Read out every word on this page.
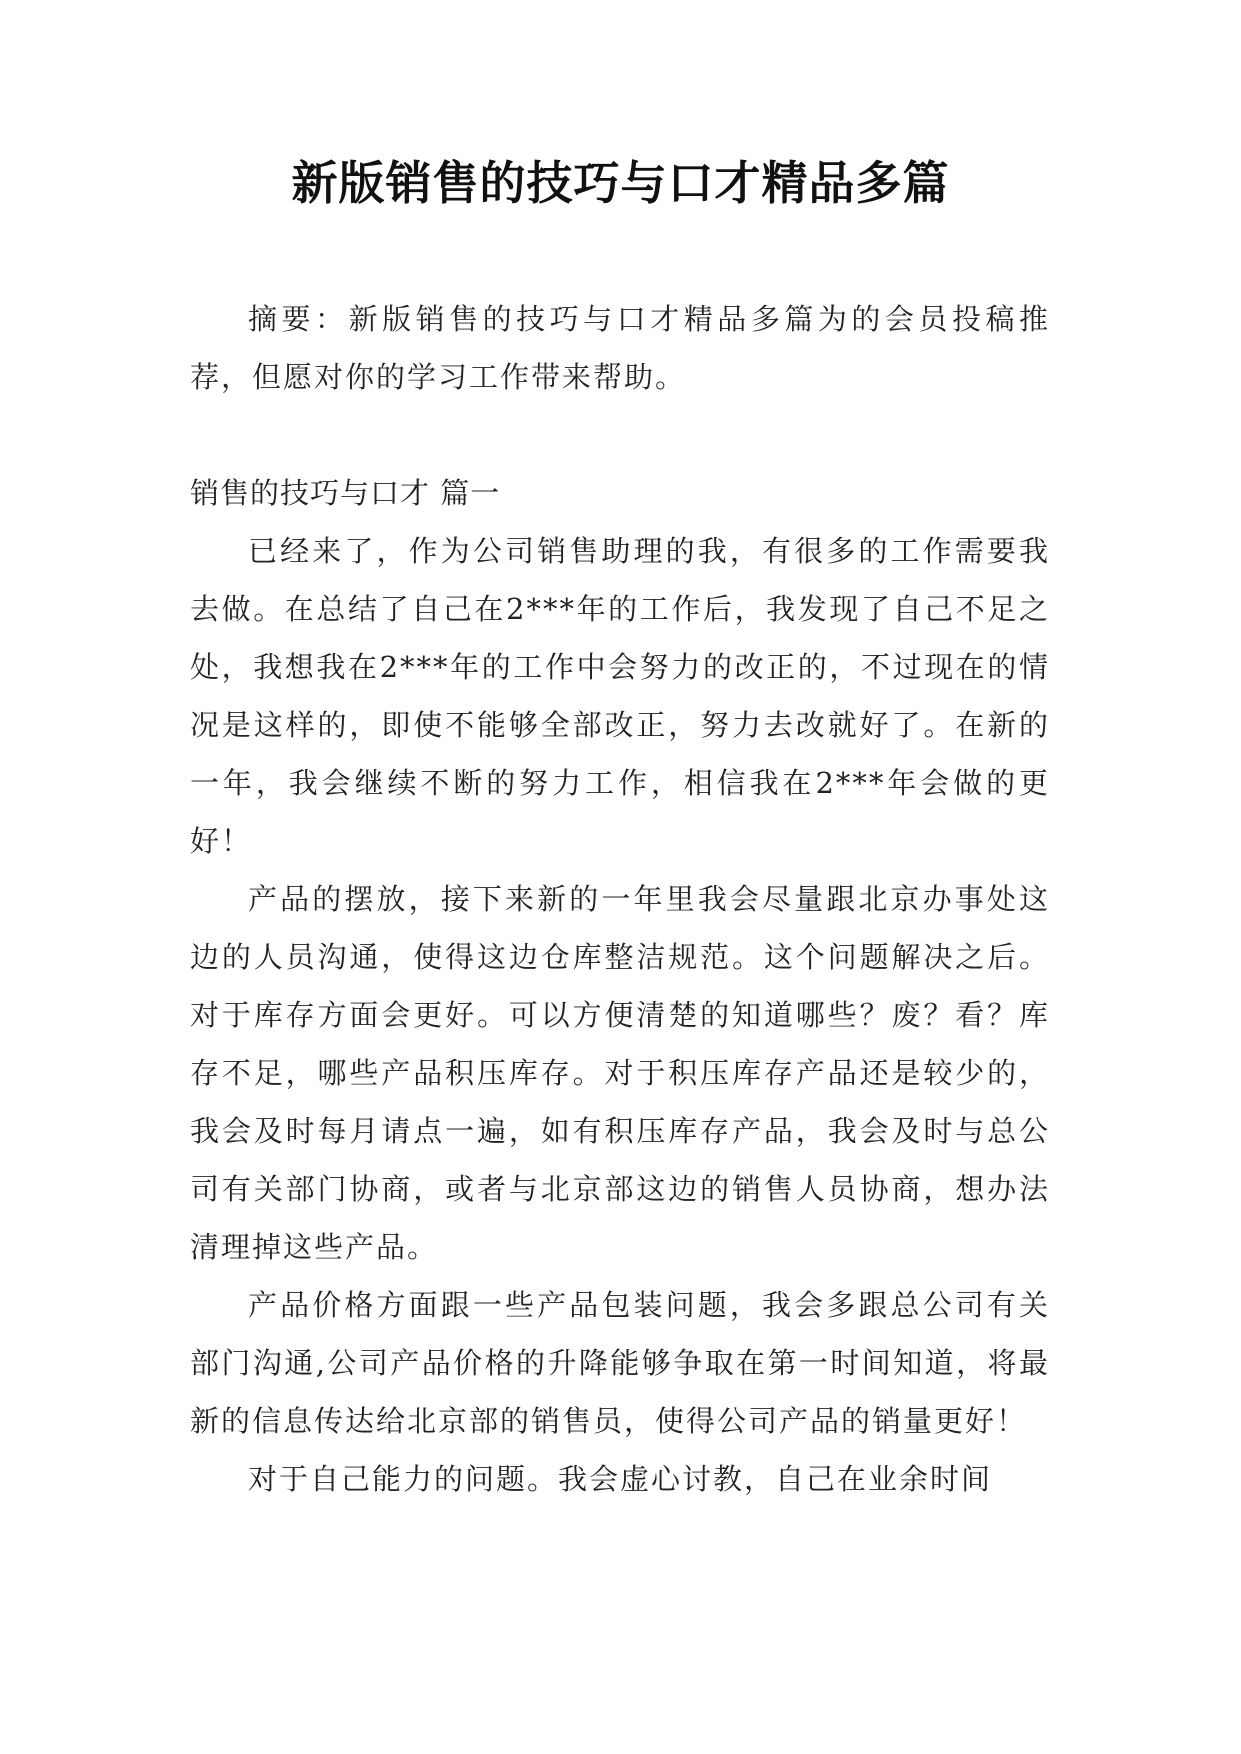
新版销售的技巧与口才精品多篇

摘要：新版销售的技巧与口才精品多篇为的会员投稿推荐，但愿对你的学习工作带来帮助。

销售的技巧与口才 篇一

已经来了，作为公司销售助理的我，有很多的工作需要我去做。在总结了自己在2***年的工作后，我发现了自己不足之处，我想我在2***年的工作中会努力的改正的，不过现在的情况是这样的，即使不能够全部改正，努力去改就好了。在新的一年，我会继续不断的努力工作，相信我在2***年会做的更好！

产品的摆放，接下来新的一年里我会尽量跟北京办事处这边的人员沟通，使得这边仓库整洁规范。这个问题解决之后。对于库存方面会更好。可以方便清楚的知道哪些？废？看？库存不足，哪些产品积压库存。对于积压库存产品还是较少的，我会及时每月请点一遍，如有积压库存产品，我会及时与总公司有关部门协商，或者与北京部这边的销售人员协商，想办法清理掉这些产品。

产品价格方面跟一些产品包装问题，我会多跟总公司有关部门沟通,公司产品价格的升降能够争取在第一时间知道，将最新的信息传达给北京部的销售员，使得公司产品的销量更好！

对于自己能力的问题。我会虚心讨教，自己在业余时间
